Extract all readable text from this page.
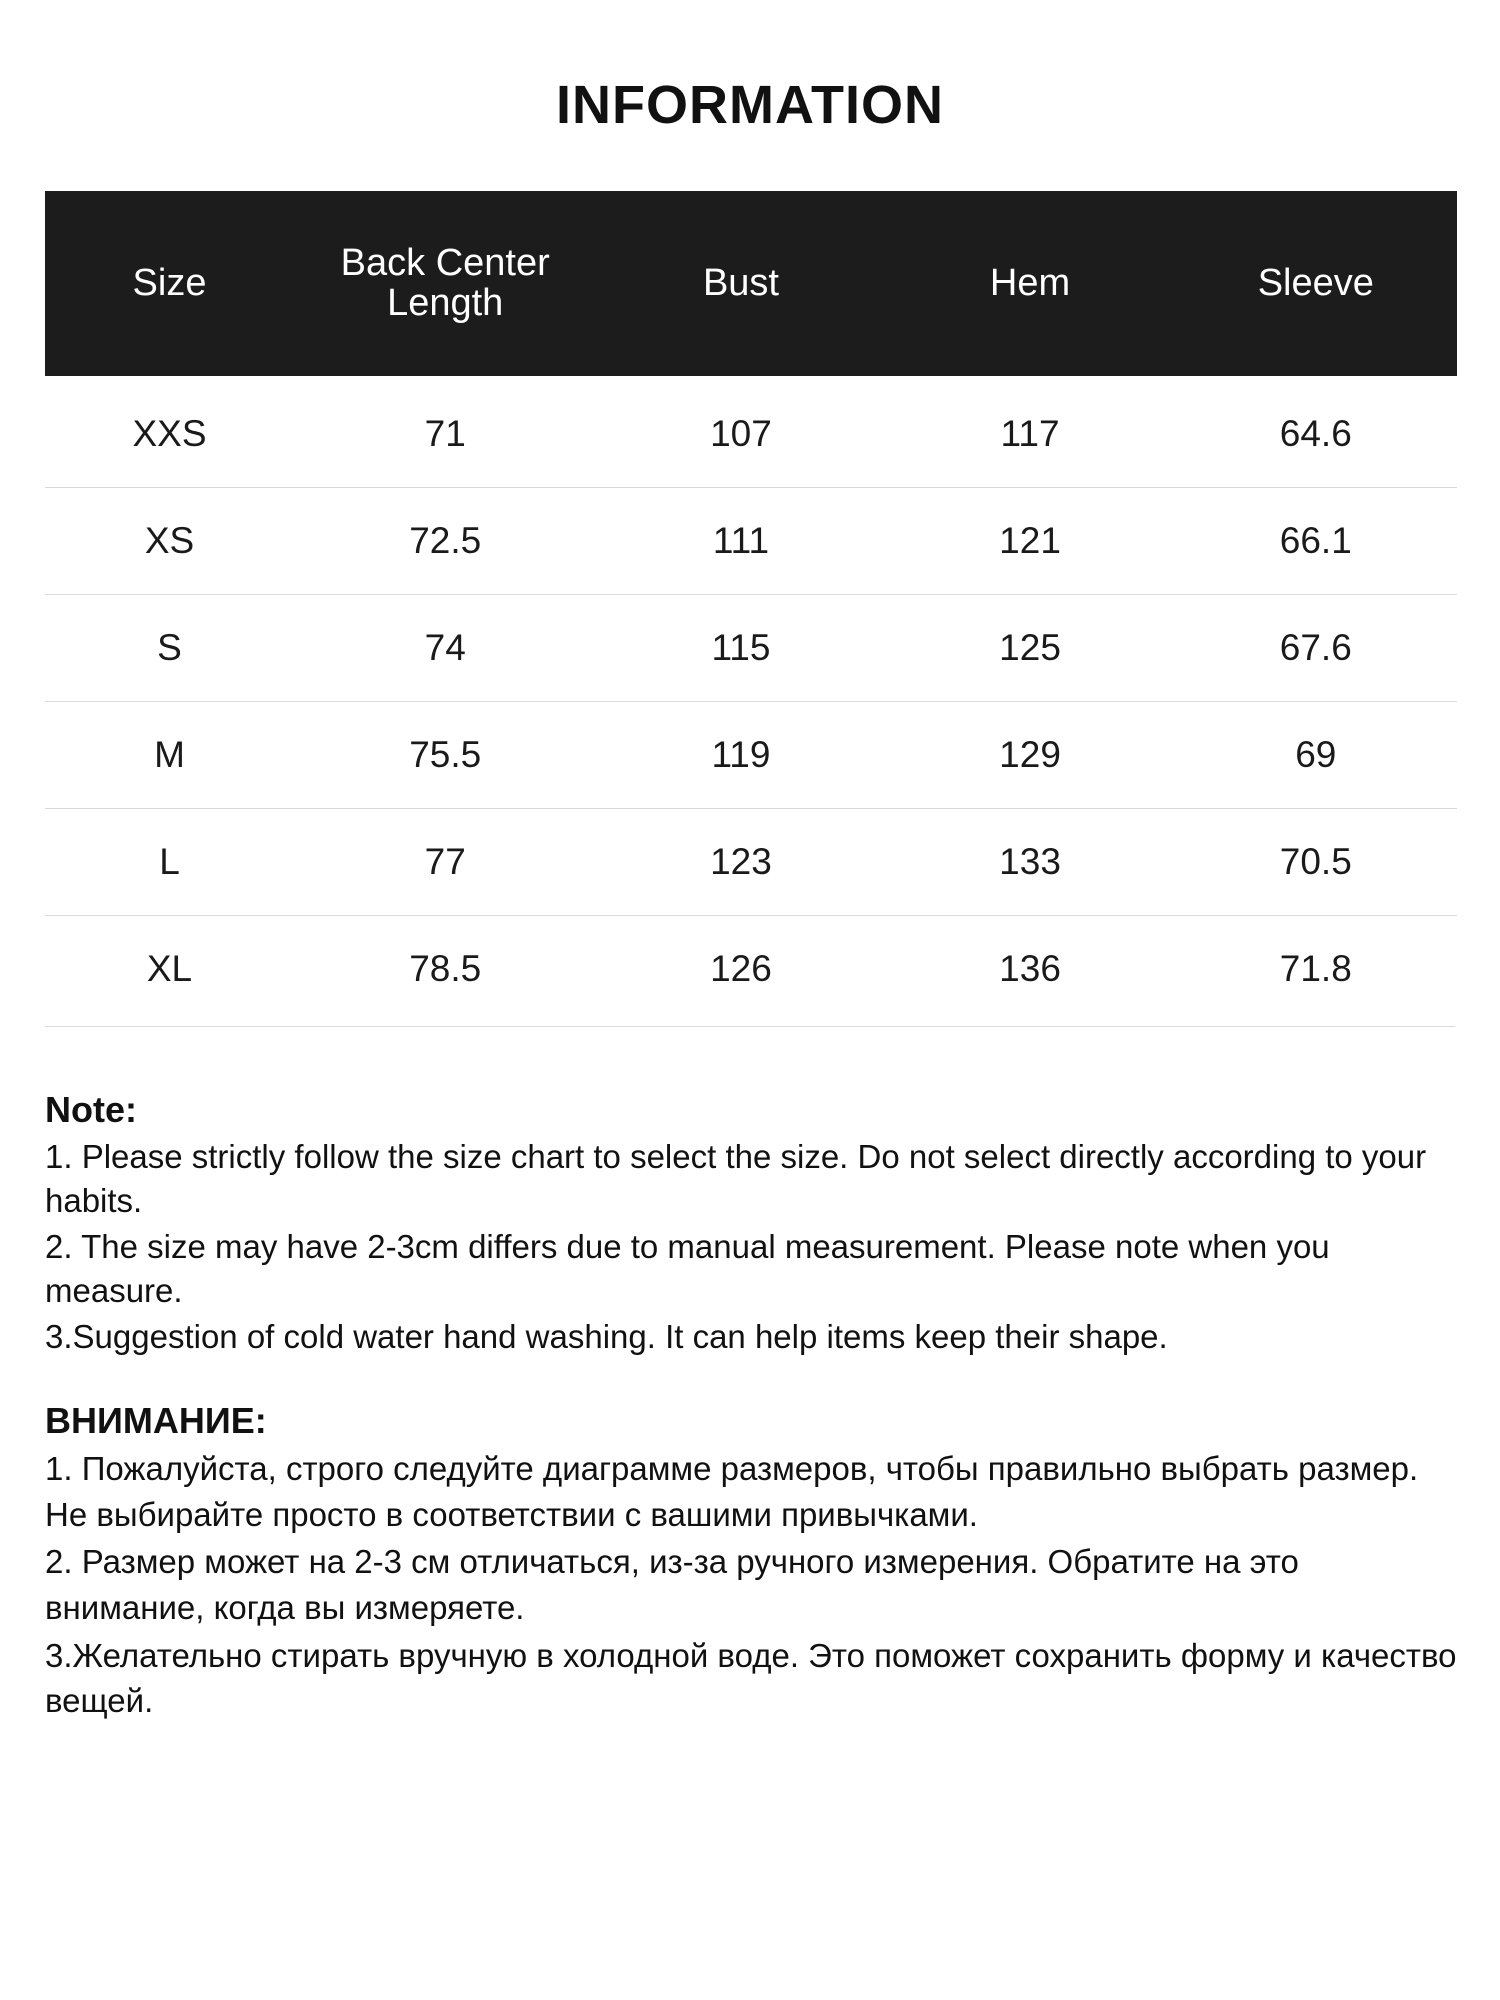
INFORMATION
Size	Back Center Length	Bust	Hem	Sleeve
XXS	71	107	117	64.6
XS	72.5	111	121	66.1
S	74	115	125	67.6
M	75.5	119	129	69
L	77	123	133	70.5
XL	78.5	126	136	71.8
Note:

1. Please strictly follow the size chart to select the size. Do not select directly according to your habits.

2. The size may have 2-3cm differs due to manual measurement. Please note when you measure.

3.Suggestion of cold water hand washing. It can help items keep their shape.

ВНИМАНИЕ:

1. Пожалуйста, строго следуйте диаграмме размеров, чтобы правильно выбрать размер. Не выбирайте просто в соответствии с вашими привычками.

2. Размер может на 2-3 см отличаться, из-за ручного измерения. Обратите на это внимание, когда вы измеряете.

3.Желательно стирать вручную в холодной воде. Это поможет сохранить форму и качество вещей.
